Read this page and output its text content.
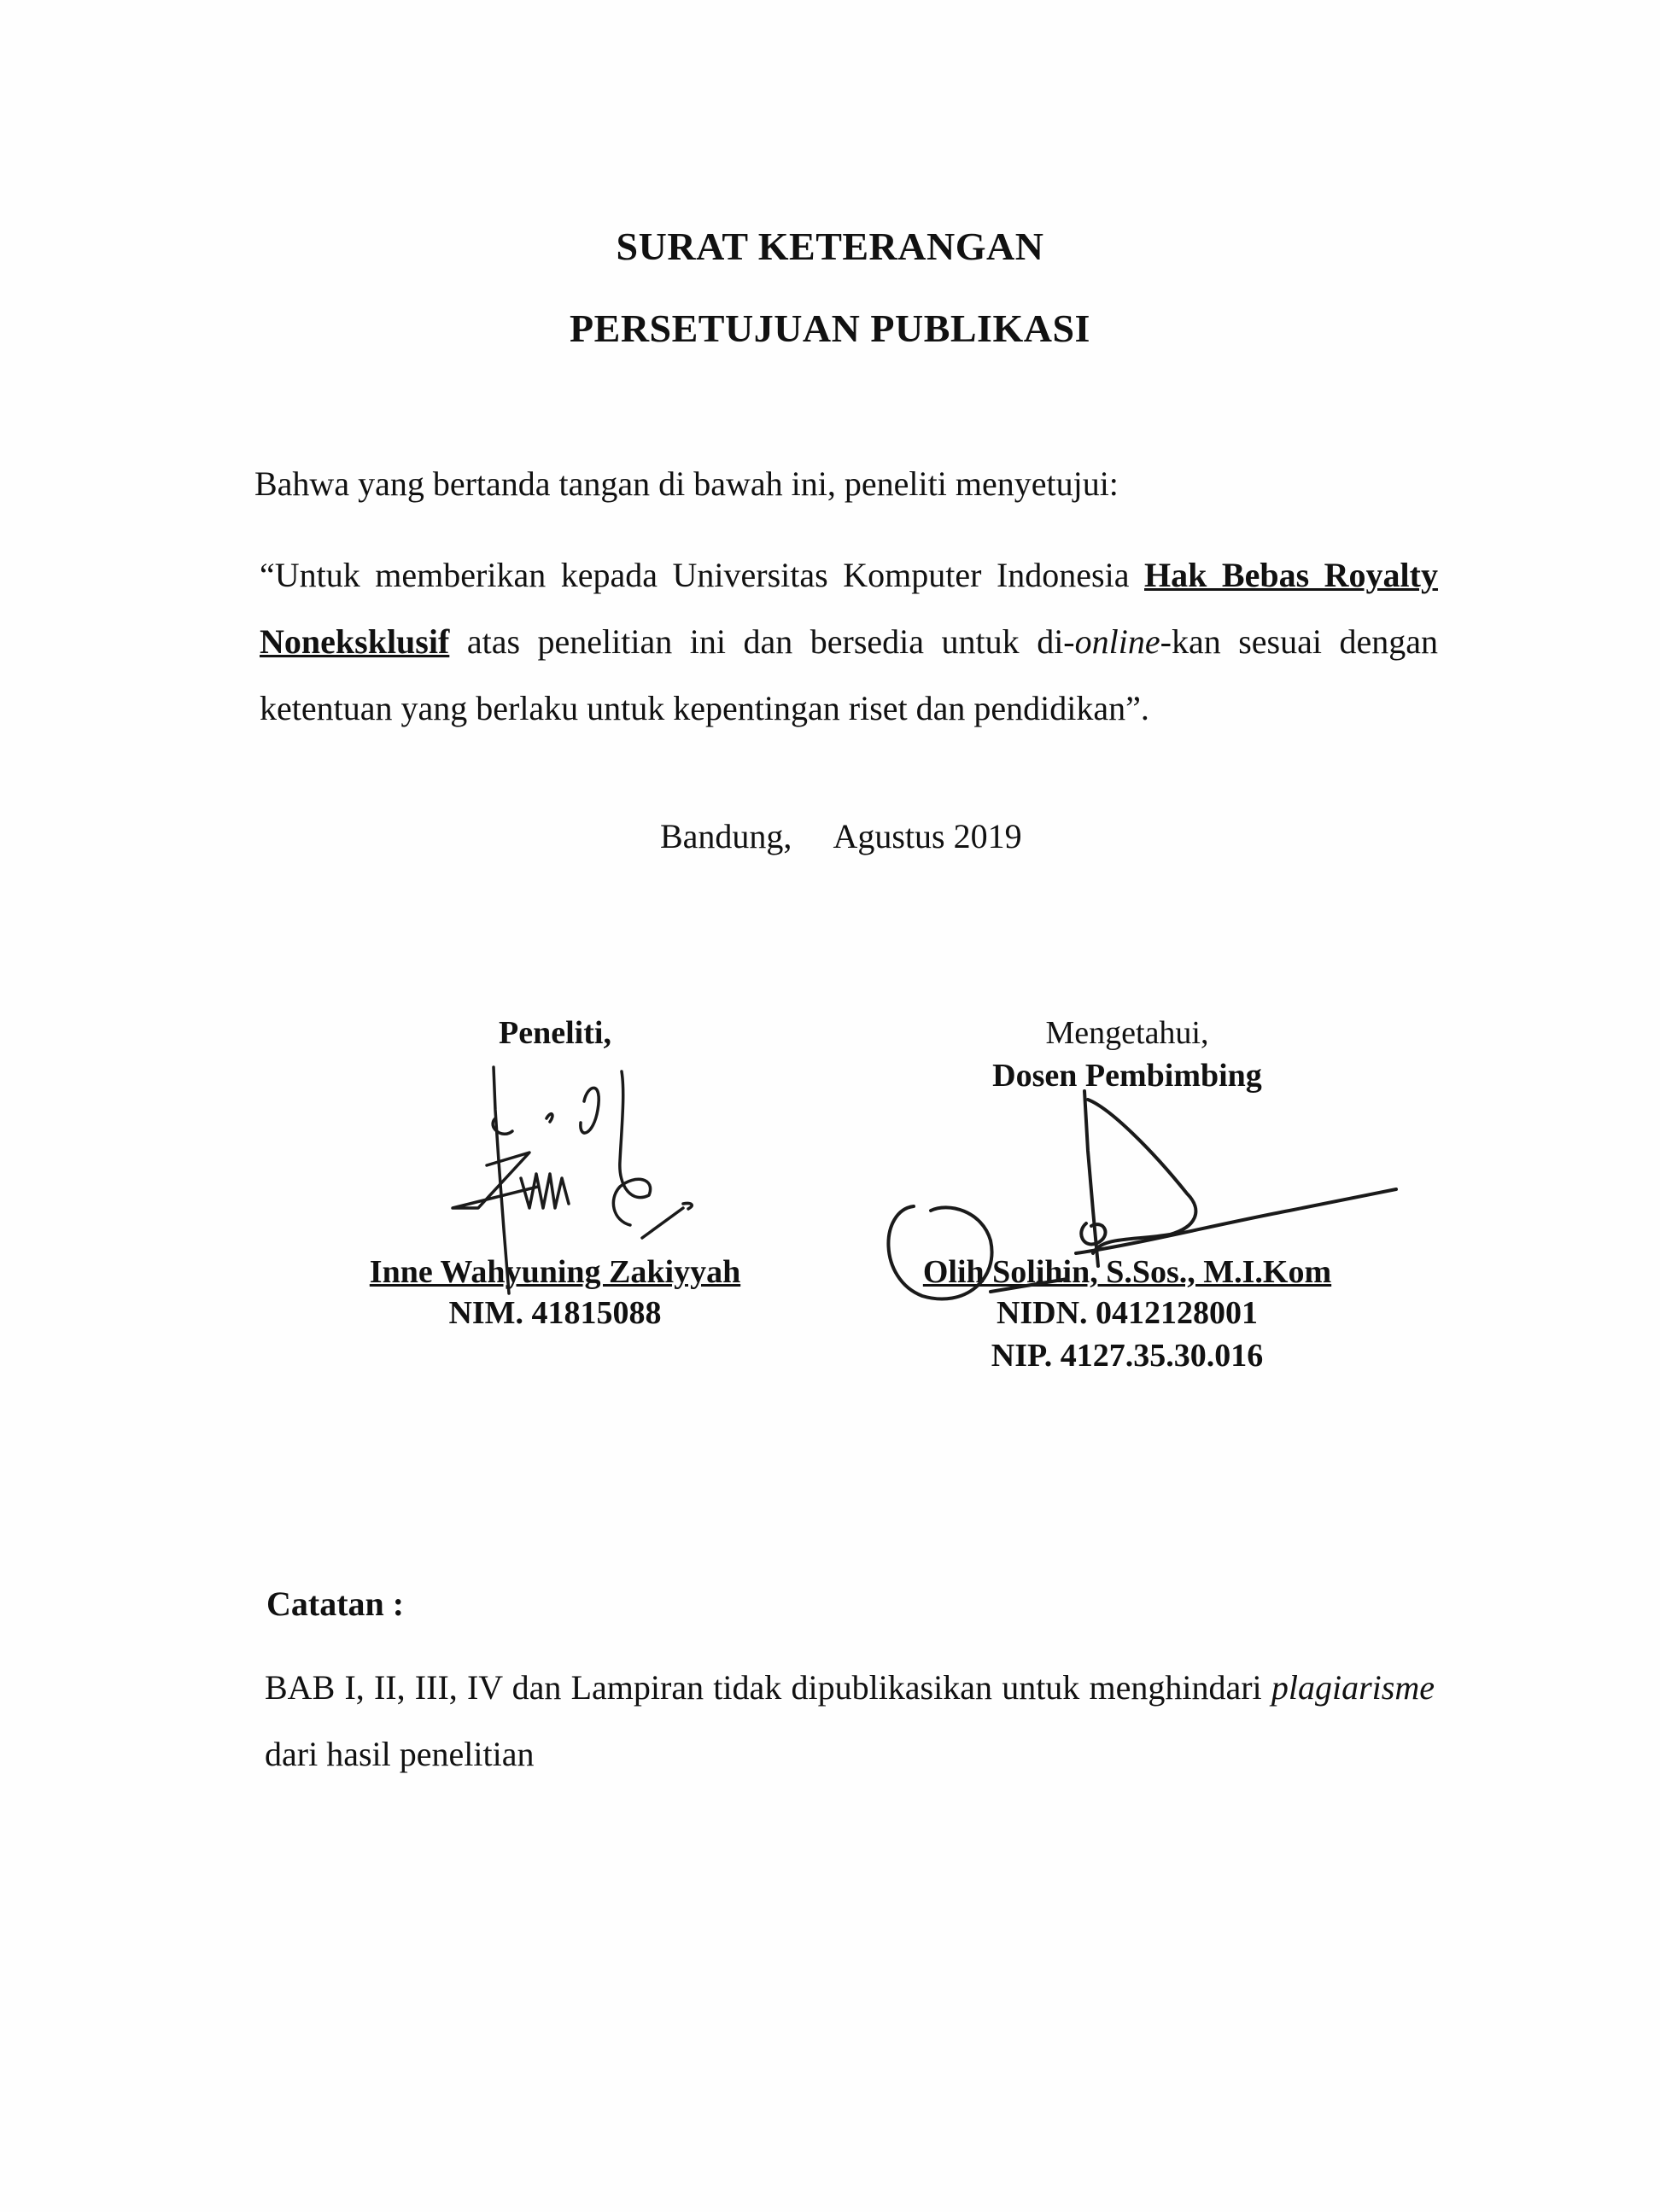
SURAT KETERANGAN
PERSETUJUAN PUBLIKASI
Bahwa yang bertanda tangan di bawah ini, peneliti menyetujui:
“Untuk memberikan kepada Universitas Komputer Indonesia Hak Bebas Royalty Noneksklusif atas penelitian ini dan bersedia untuk di-online-kan sesuai dengan ketentuan yang berlaku untuk kepentingan riset dan pendidikan”.
Bandung, Agustus 2019
Peneliti,
Inne Wahyuning Zakiyyah
NIM. 41815088
Mengetahui,
Dosen Pembimbing
Olih Solihin, S.Sos., M.I.Kom
NIDN. 0412128001
NIP. 4127.35.30.016
Catatan :
BAB I, II, III, IV dan Lampiran tidak dipublikasikan untuk menghindari plagiarisme dari hasil penelitian
